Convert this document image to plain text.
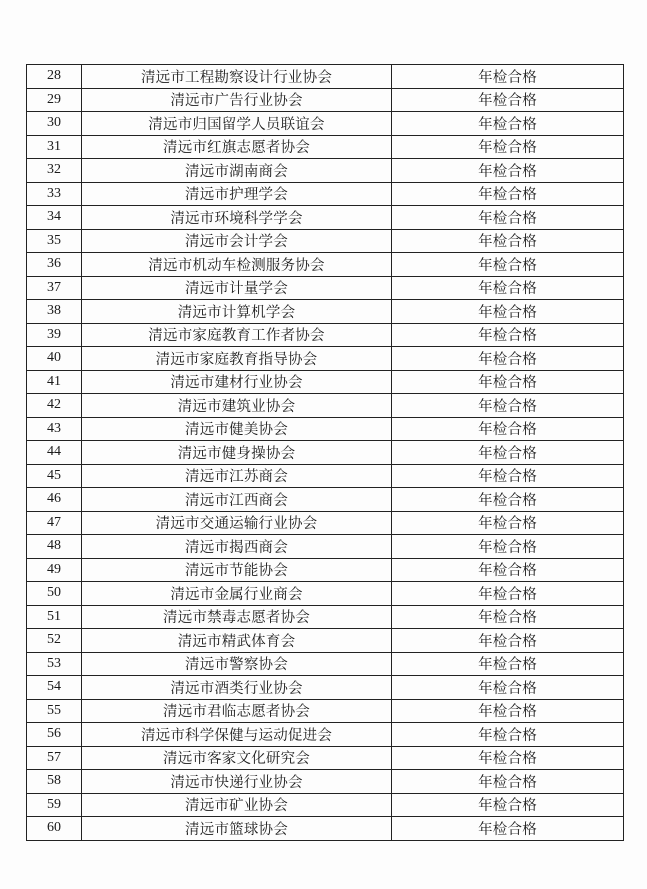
28	清远市工程勘察设计行业协会	年检合格
29	清远市广告行业协会	年检合格
30	清远市归国留学人员联谊会	年检合格
31	清远市红旗志愿者协会	年检合格
32	清远市湖南商会	年检合格
33	清远市护理学会	年检合格
34	清远市环境科学学会	年检合格
35	清远市会计学会	年检合格
36	清远市机动车检测服务协会	年检合格
37	清远市计量学会	年检合格
38	清远市计算机学会	年检合格
39	清远市家庭教育工作者协会	年检合格
40	清远市家庭教育指导协会	年检合格
41	清远市建材行业协会	年检合格
42	清远市建筑业协会	年检合格
43	清远市健美协会	年检合格
44	清远市健身操协会	年检合格
45	清远市江苏商会	年检合格
46	清远市江西商会	年检合格
47	清远市交通运输行业协会	年检合格
48	清远市揭西商会	年检合格
49	清远市节能协会	年检合格
50	清远市金属行业商会	年检合格
51	清远市禁毒志愿者协会	年检合格
52	清远市精武体育会	年检合格
53	清远市警察协会	年检合格
54	清远市酒类行业协会	年检合格
55	清远市君临志愿者协会	年检合格
56	清远市科学保健与运动促进会	年检合格
57	清远市客家文化研究会	年检合格
58	清远市快递行业协会	年检合格
59	清远市矿业协会	年检合格
60	清远市篮球协会	年检合格
